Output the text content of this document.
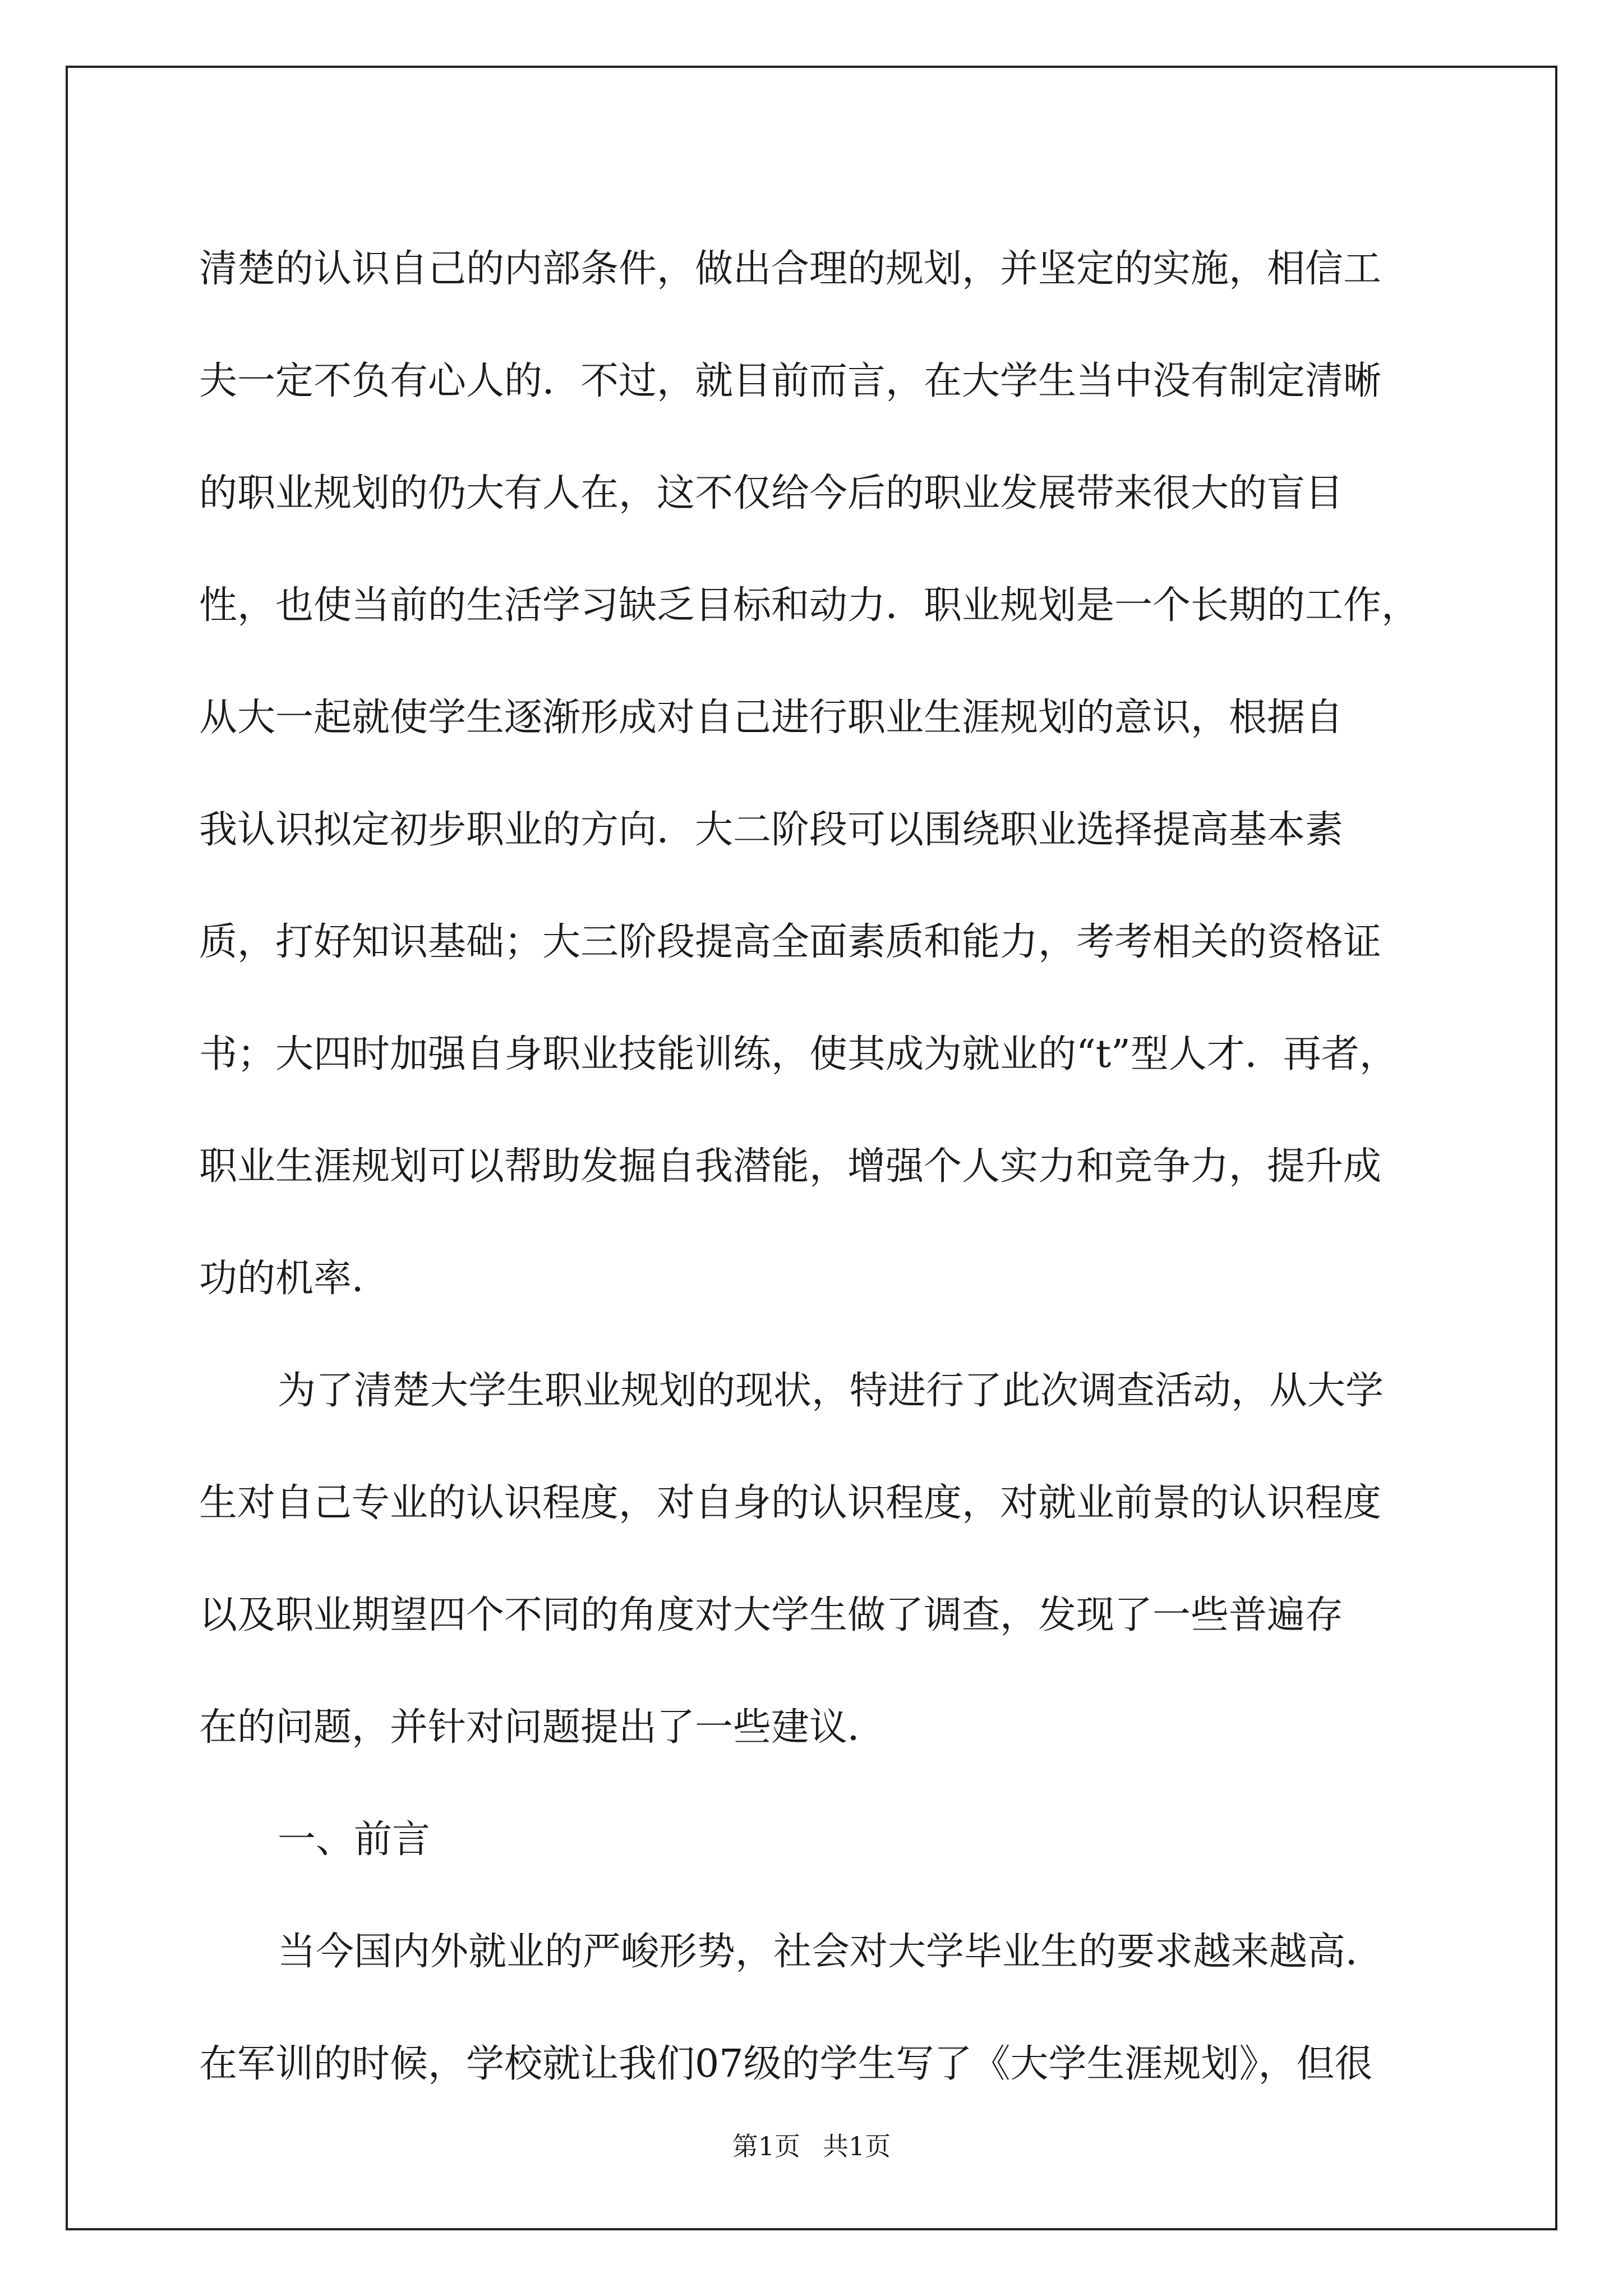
清楚的认识自己的内部条件，做出合理的规划，并坚定的实施，相信工
夫一定不负有心人的．不过，就目前而言，在大学生当中没有制定清晰
的职业规划的仍大有人在，这不仅给今后的职业发展带来很大的盲目
性，也使当前的生活学习缺乏目标和动力．职业规划是一个长期的工作，
从大一起就使学生逐渐形成对自己进行职业生涯规划的意识，根据自
我认识拟定初步职业的方向．大二阶段可以围绕职业选择提高基本素
质，打好知识基础；大三阶段提高全面素质和能力，考考相关的资格证
书；大四时加强自身职业技能训练，使其成为就业的“t”型人才．再者，
职业生涯规划可以帮助发掘自我潜能，增强个人实力和竞争力，提升成
功的机率．
为了清楚大学生职业规划的现状，特进行了此次调查活动，从大学
生对自己专业的认识程度，对自身的认识程度，对就业前景的认识程度
以及职业期望四个不同的角度对大学生做了调查，发现了一些普遍存
在的问题，并针对问题提出了一些建议．
一、前言
当今国内外就业的严峻形势，社会对大学毕业生的要求越来越高．
在军训的时候，学校就让我们07级的学生写了《大学生涯规划》，但很
第1页 共1页
